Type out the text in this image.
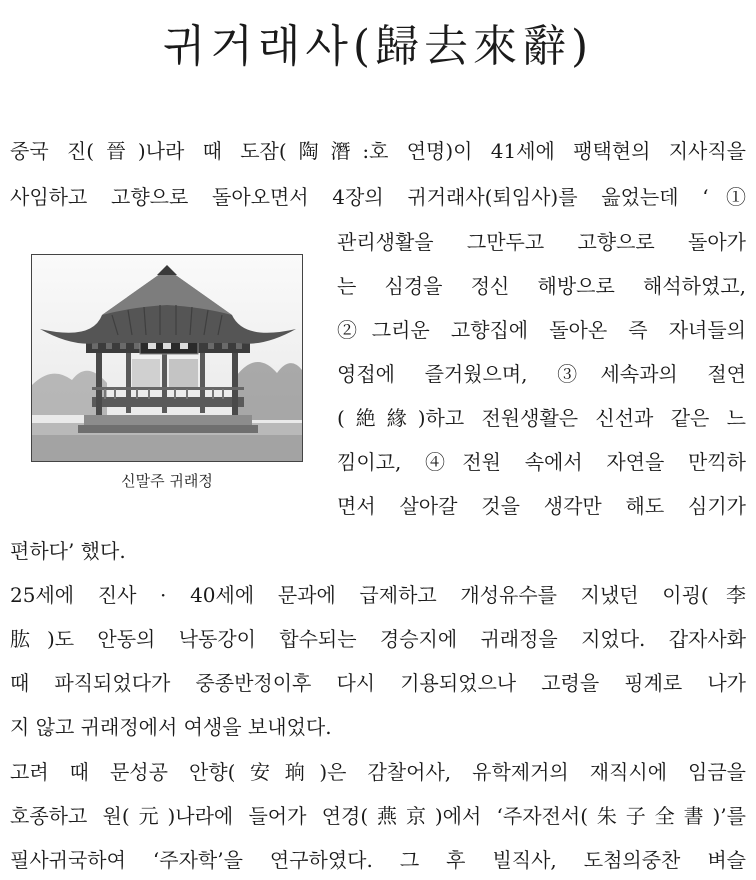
귀거래사(歸去來辭)
중국 진(晉)나라 때 도잠(陶潛:호 연명)이 41세에 팽택현의 지사직을
사임하고 고향으로 돌아오면서 4장의 귀거래사(퇴임사)를 읊었는데 ‘①
관리생활을 그만두고 고향으로 돌아가
는 심경을 정신 해방으로 해석하였고,
②그리운 고향집에 돌아온 즉 자녀들의
영접에 즐거웠으며, ③세속과의 절연
(絶緣)하고 전원생활은 신선과 같은 느
낌이고, ④전원 속에서 자연을 만끽하
면서 살아갈 것을 생각만 해도 심기가
편하다’ 했다.
25세에 진사 · 40세에 문과에 급제하고 개성유수를 지냈던 이굉(李
肱)도 안동의 낙동강이 합수되는 경승지에 귀래정을 지었다. 갑자사화
때 파직되었다가 중종반정이후 다시 기용되었으나 고령을 핑계로 나가
지 않고 귀래정에서 여생을 보내었다.
고려 때 문성공 안향(安珦)은 감찰어사, 유학제거의 재직시에 임금을
호종하고 원(元)나라에 들어가 연경(燕京)에서 ‘주자전서(朱子全書)’를
필사귀국하여 ‘주자학’을 연구하였다. 그 후 빌직사, 도첨의중찬 벼슬
신말주 귀래정
